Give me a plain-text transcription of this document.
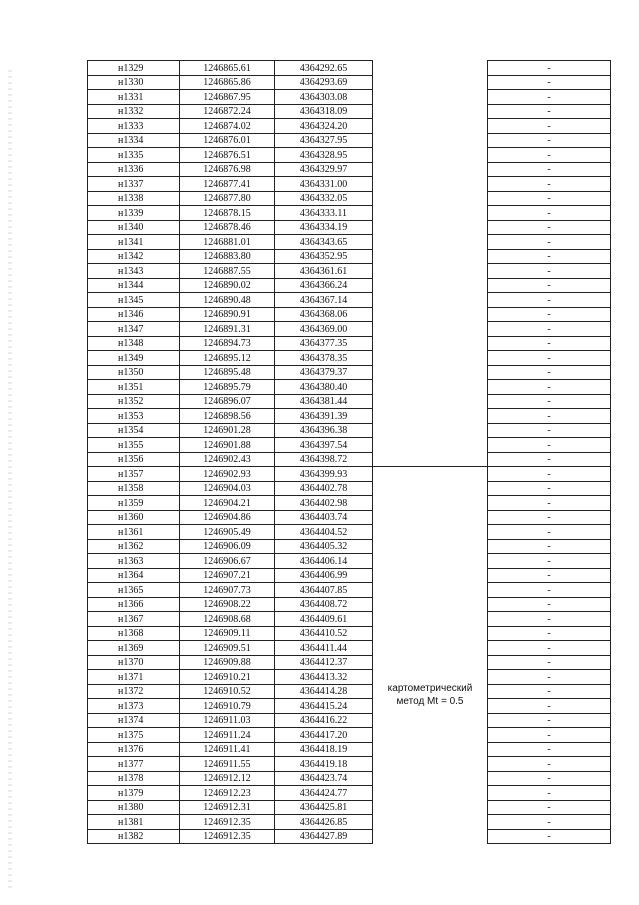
н1329	1246865.61	4364292.65		-
н1330	1246865.86	4364293.69		-
н1331	1246867.95	4364303.08		-
н1332	1246872.24	4364318.09		-
н1333	1246874.02	4364324.20		-
н1334	1246876.01	4364327.95		-
н1335	1246876.51	4364328.95		-
н1336	1246876.98	4364329.97		-
н1337	1246877.41	4364331.00		-
н1338	1246877.80	4364332.05		-
н1339	1246878.15	4364333.11		-
н1340	1246878.46	4364334.19		-
н1341	1246881.01	4364343.65		-
н1342	1246883.80	4364352.95		-
н1343	1246887.55	4364361.61		-
н1344	1246890.02	4364366.24		-
н1345	1246890.48	4364367.14		-
н1346	1246890.91	4364368.06		-
н1347	1246891.31	4364369.00		-
н1348	1246894.73	4364377.35		-
н1349	1246895.12	4364378.35		-
н1350	1246895.48	4364379.37		-
н1351	1246895.79	4364380.40		-
н1352	1246896.07	4364381.44		-
н1353	1246898.56	4364391.39		-
н1354	1246901.28	4364396.38		-
н1355	1246901.88	4364397.54		-
н1356	1246902.43	4364398.72		-
н1357	1246902.93	4364399.93	картометрический метод Mt = 0.5	-
н1358	1246904.03	4364402.78		-
н1359	1246904.21	4364402.98		-
н1360	1246904.86	4364403.74		-
н1361	1246905.49	4364404.52		-
н1362	1246906.09	4364405.32		-
н1363	1246906.67	4364406.14		-
н1364	1246907.21	4364406.99		-
н1365	1246907.73	4364407.85		-
н1366	1246908.22	4364408.72		-
н1367	1246908.68	4364409.61		-
н1368	1246909.11	4364410.52		-
н1369	1246909.51	4364411.44		-
н1370	1246909.88	4364412.37		-
н1371	1246910.21	4364413.32		-
н1372	1246910.52	4364414.28		-
н1373	1246910.79	4364415.24		-
н1374	1246911.03	4364416.22		-
н1375	1246911.24	4364417.20		-
н1376	1246911.41	4364418.19		-
н1377	1246911.55	4364419.18		-
н1378	1246912.12	4364423.74		-
н1379	1246912.23	4364424.77		-
н1380	1246912.31	4364425.81		-
н1381	1246912.35	4364426.85		-
н1382	1246912.35	4364427.89		-
